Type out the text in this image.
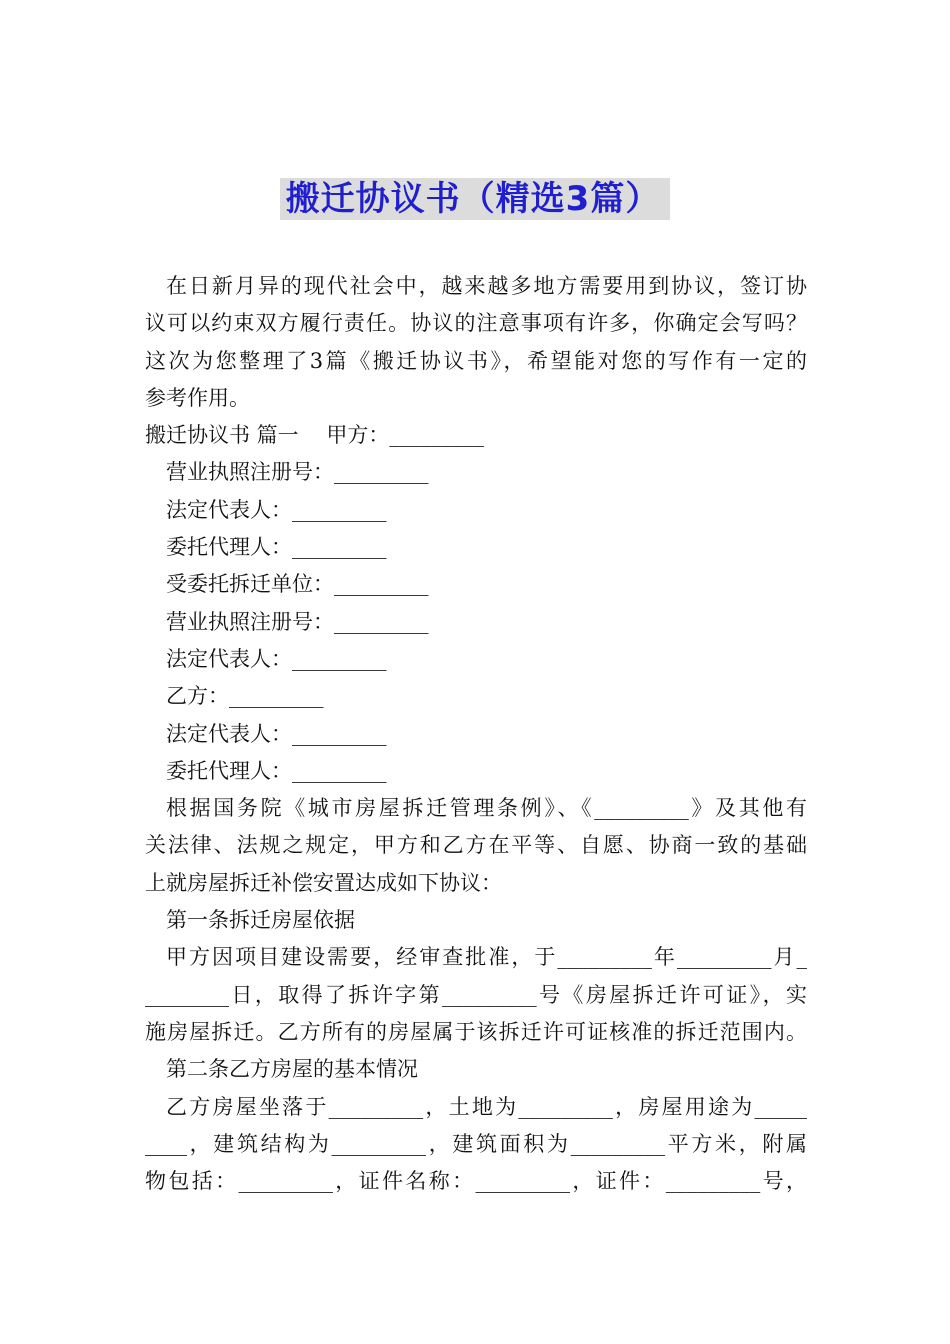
搬迁协议书（精选3篇）
在日新月异的现代社会中，越来越多地方需要用到协议，签订协
议可以约束双方履行责任。协议的注意事项有许多，你确定会写吗？
这次为您整理了3篇《搬迁协议书》，希望能对您的写作有一定的
参考作用。
搬迁协议书 篇一　 甲方：_________
营业执照注册号：_________
法定代表人：_________
委托代理人：_________
受委托拆迁单位：_________
营业执照注册号：_________
法定代表人：_________
乙方：_________
法定代表人：_________
委托代理人：_________
根据国务院《城市房屋拆迁管理条例》、《_________》及其他有
关法律、法规之规定，甲方和乙方在平等、自愿、协商一致的基础
上就房屋拆迁补偿安置达成如下协议：
第一条拆迁房屋依据
甲方因项目建设需要，经审查批准，于_________年_________月_
________日，取得了拆许字第_________号《房屋拆迁许可证》，实
施房屋拆迁。乙方所有的房屋属于该拆迁许可证核准的拆迁范围内。
第二条乙方房屋的基本情况
乙方房屋坐落于_________，土地为_________，房屋用途为_____
____，建筑结构为_________，建筑面积为_________平方米，附属
物包括：_________，证件名称：_________，证件：_________号，
